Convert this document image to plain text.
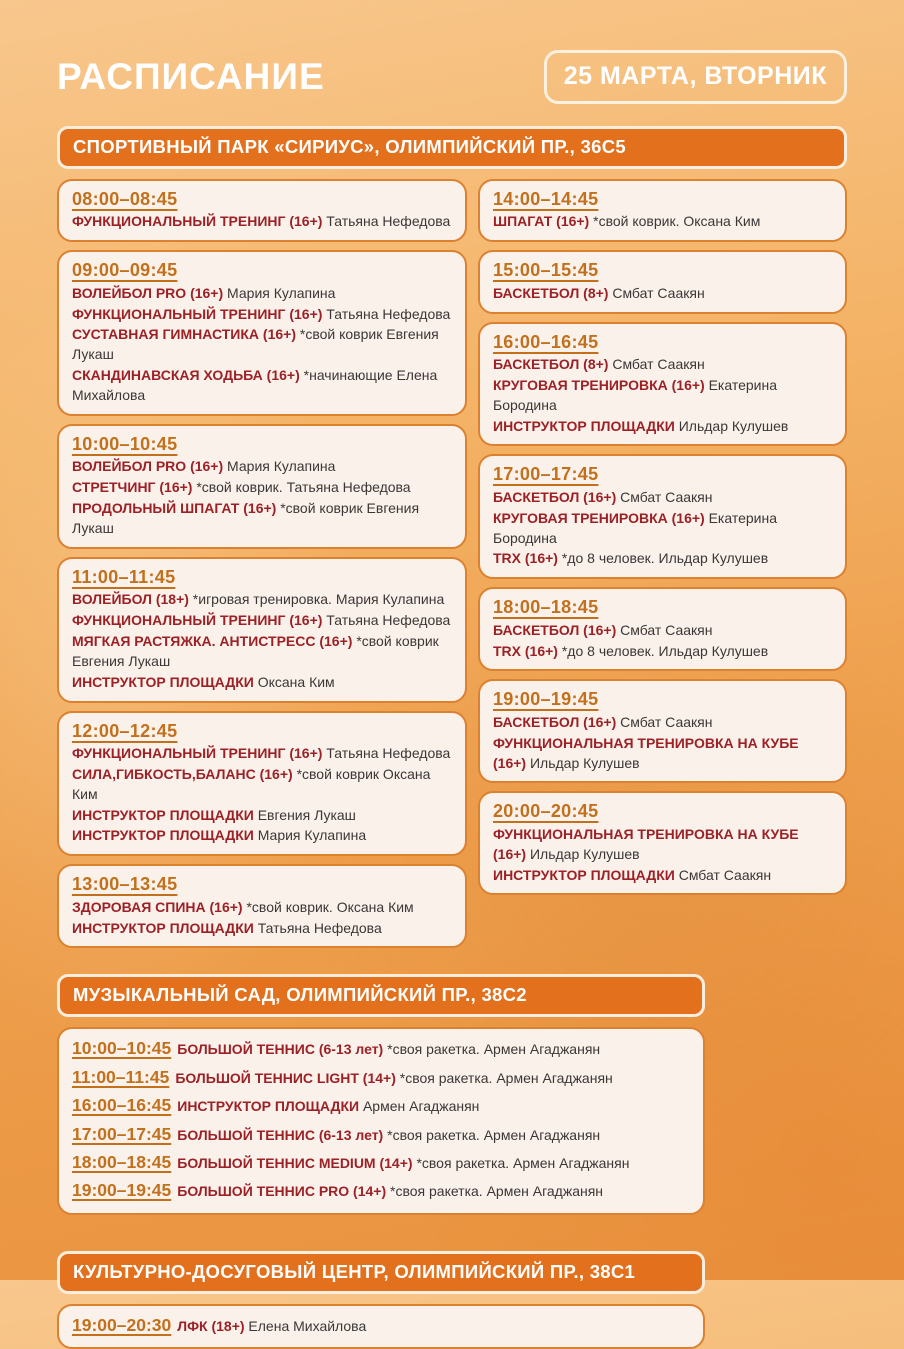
РАСПИСАНИЕ	25 МАРТА, ВТОРНИК
СПОРТИВНЫЙ ПАРК «СИРИУС», ОЛИМПИЙСКИЙ ПР., 36С5
08:00–08:45
ФУНКЦИОНАЛЬНЫЙ ТРЕНИНГ (16+) Татьяна Нефедова
09:00–09:45
ВОЛЕЙБОЛ PRO (16+) Мария Кулапина
ФУНКЦИОНАЛЬНЫЙ ТРЕНИНГ (16+) Татьяна Нефедова
СУСТАВНАЯ ГИМНАСТИКА (16+) *свой коврик Евгения Лукаш
СКАНДИНАВСКАЯ ХОДЬБА (16+) *начинающие Елена Михайлова
10:00–10:45
ВОЛЕЙБОЛ PRO (16+) Мария Кулапина
СТРЕТЧИНГ (16+) *свой коврик. Татьяна Нефедова
ПРОДОЛЬНЫЙ ШПАГАТ (16+) *свой коврик Евгения Лукаш
11:00–11:45
ВОЛЕЙБОЛ (18+) *игровая тренировка. Мария Кулапина
ФУНКЦИОНАЛЬНЫЙ ТРЕНИНГ (16+) Татьяна Нефедова
МЯГКАЯ РАСТЯЖКА. АНТИСТРЕСС (16+) *свой коврик Евгения Лукаш
ИНСТРУКТОР ПЛОЩАДКИ Оксана Ким
12:00–12:45
ФУНКЦИОНАЛЬНЫЙ ТРЕНИНГ (16+) Татьяна Нефедова
СИЛА,ГИБКОСТЬ,БАЛАНС (16+) *свой коврик Оксана Ким
ИНСТРУКТОР ПЛОЩАДКИ Евгения Лукаш
ИНСТРУКТОР ПЛОЩАДКИ Мария Кулапина
13:00–13:45
ЗДОРОВАЯ СПИНА (16+) *свой коврик. Оксана Ким
ИНСТРУКТОР ПЛОЩАДКИ Татьяна Нефедова
14:00–14:45
ШПАГАТ (16+) *свой коврик. Оксана Ким
15:00–15:45
БАСКЕТБОЛ (8+) Смбат Саакян
16:00–16:45
БАСКЕТБОЛ (8+) Смбат Саакян
КРУГОВАЯ ТРЕНИРОВКА (16+) Екатерина Бородина
ИНСТРУКТОР ПЛОЩАДКИ Ильдар Кулушев
17:00–17:45
БАСКЕТБОЛ (16+) Смбат Саакян
КРУГОВАЯ ТРЕНИРОВКА (16+) Екатерина Бородина
TRX (16+) *до 8 человек. Ильдар Кулушев
18:00–18:45
БАСКЕТБОЛ (16+) Смбат Саакян
TRX (16+) *до 8 человек. Ильдар Кулушев
19:00–19:45
БАСКЕТБОЛ (16+) Смбат Саакян
ФУНКЦИОНАЛЬНАЯ ТРЕНИРОВКА НА КУБЕ (16+) Ильдар Кулушев
20:00–20:45
ФУНКЦИОНАЛЬНАЯ ТРЕНИРОВКА НА КУБЕ (16+) Ильдар Кулушев
ИНСТРУКТОР ПЛОЩАДКИ Смбат Саакян
МУЗЫКАЛЬНЫЙ САД, ОЛИМПИЙСКИЙ ПР., 38С2
10:00–10:45 БОЛЬШОЙ ТЕННИС (6-13 лет) *своя ракетка. Армен Агаджанян
11:00–11:45 БОЛЬШОЙ ТЕННИС LIGHT (14+) *своя ракетка. Армен Агаджанян
16:00–16:45 ИНСТРУКТОР ПЛОЩАДКИ Армен Агаджанян
17:00–17:45 БОЛЬШОЙ ТЕННИС (6-13 лет) *своя ракетка. Армен Агаджанян
18:00–18:45 БОЛЬШОЙ ТЕННИС MEDIUM (14+) *своя ракетка. Армен Агаджанян
19:00–19:45 БОЛЬШОЙ ТЕННИС PRO (14+) *своя ракетка. Армен Агаджанян
КУЛЬТУРНО-ДОСУГОВЫЙ ЦЕНТР, ОЛИМПИЙСКИЙ ПР., 38С1
19:00–20:30 ЛФК (18+) Елена Михайлова
